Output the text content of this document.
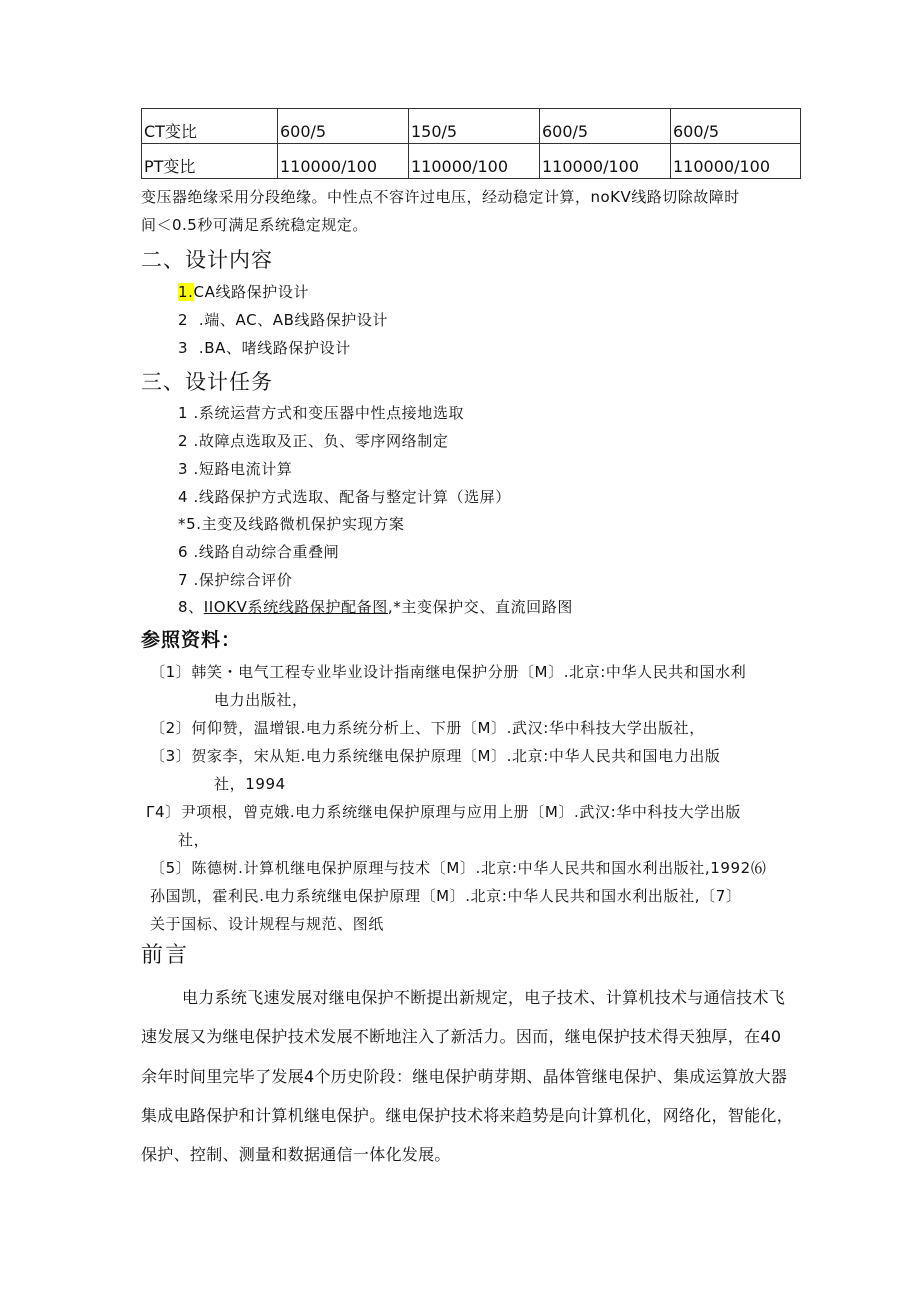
CT变比	600/5	150/5	600/5	600/5
PT变比	110000/100	110000/100	110000/100	110000/100
变压器绝缘采用分段绝缘。中性点不容许过电压，经动稳定计算，noKV线路切除故障时
间＜0.5秒可满足系统稳定规定。
二、设计内容
1.CA线路保护设计
2 .端、AC、AB线路保护设计
3 .BA、啫线路保护设计
三、设计任务
1 .系统运营方式和变压器中性点接地选取
2 .故障点选取及正、负、零序网络制定
3 .短路电流计算
4 .线路保护方式选取、配备与整定计算（选屏）
*5.主变及线路微机保护实现方案
6 .线路自动综合重叠闸
7 .保护综合评价
8、IIOKV系统线路保护配备图,*主变保护交、直流回路图
参照资料：
〔1〕韩笑・电气工程专业毕业设计指南继电保护分册〔M〕.北京:中华人民共和国水利
电力出版社，
〔2〕何仰赞，温增银.电力系统分析上、下册〔M〕.武汉:华中科技大学出版社，
〔3〕贺家李，宋从矩.电力系统继电保护原理〔M〕.北京:中华人民共和国电力出版
社，1994
Γ4〕尹项根，曾克娥.电力系统继电保护原理与应用上册〔M〕.武汉:华中科技大学出版
社，
〔5〕陈德树.计算机继电保护原理与技术〔M〕.北京:中华人民共和国水利出版社,1992⑹
孙国凯，霍利民.电力系统继电保护原理〔M〕.北京:中华人民共和国水利出版社,〔7〕
关于国标、设计规程与规范、图纸
前言
电力系统飞速发展对继电保护不断提出新规定，电子技术、计算机技术与通信技术飞
速发展又为继电保护技术发展不断地注入了新活力。因而，继电保护技术得天独厚，在40
余年时间里完毕了发展4个历史阶段：继电保护萌芽期、晶体管继电保护、集成运算放大器
集成电路保护和计算机继电保护。继电保护技术将来趋势是向计算机化，网络化，智能化，
保护、控制、测量和数据通信一体化发展。
